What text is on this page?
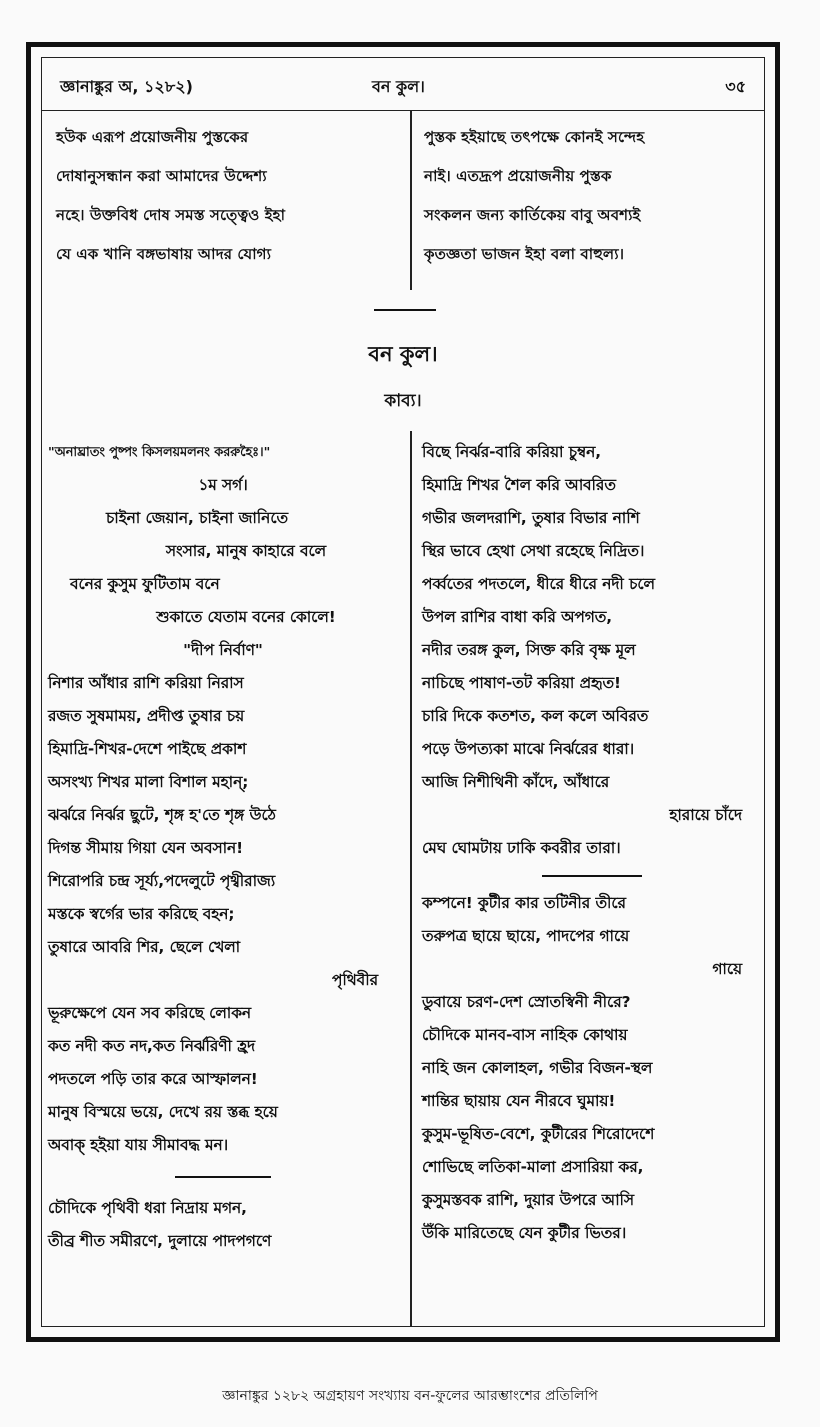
জ্ঞানাঙ্কুর অ, ১২৮২)	বন কুল।	৩৫
হউক এরূপ প্রয়োজনীয় পুস্তকের
দোষানুসন্ধান করা আমাদের উদ্দেশ্য
নহে। উক্তবিধ দোষ সমস্ত সত্ত্বেও ইহা
যে এক খানি বঙ্গভাষায় আদর যোগ্য
পুস্তক হইয়াছে তৎপক্ষে কোনই সন্দেহ
নাই। এতদ্রূপ প্রয়োজনীয় পুস্তক
সংকলন জন্য কার্তিকেয় বাবু অবশ্যই
কৃতজ্ঞতা ভাজন ইহা বলা বাহুল্য।
বন কুল।
কাব্য।
"অনাঘ্রাতং পুষ্পং কিসলয়মলনং কররুহৈঃ।"
১ম সর্গ।
চাইনা জেয়ান, চাইনা জানিতে
সংসার, মানুষ কাহারে বলে
বনের কুসুম ফুটিতাম বনে
শুকাতে যেতাম বনের কোলে!
"দীপ নির্বাণ"
নিশার আঁধার রাশি করিয়া নিরাস
রজত সুষমাময়, প্রদীপ্ত তুষার চয়
হিমাদ্রি-শিখর-দেশে পাইছে প্রকাশ
অসংখ্য শিখর মালা বিশাল মহান্;
ঝর্ঝরে নির্ঝর ছুটে, শৃঙ্গ হ'তে শৃঙ্গ উঠে
দিগন্ত সীমায় গিয়া যেন অবসান!
শিরোপরি চন্দ্র সূর্য্য,পদেলুটে পৃথ্বীরাজ্য
মস্তকে স্বর্গের ভার করিছে বহন;
তুষারে আবরি শির, ছেলে খেলা
পৃথিবীর
ভূরুক্ষেপে যেন সব করিছে লোকন
কত নদী কত নদ,কত নির্ঝরিণী হ্রদ
পদতলে পড়ি তার করে আস্ফালন!
মানুষ বিস্ময়ে ভয়ে, দেখে রয় স্তব্ধ হয়ে
অবাক্ হইয়া যায় সীমাবদ্ধ মন।
চৌদিকে পৃথিবী ধরা নিদ্রায় মগন,
তীব্র শীত সমীরণে, দুলায়ে পাদপগণে
বিছে নির্ঝর-বারি করিয়া চুম্বন,
হিমাদ্রি শিখর শৈল করি আবরিত
গভীর জলদরাশি, তুষার বিভার নাশি
স্থির ভাবে হেথা সেথা রহেছে নিদ্রিত।
পর্ব্বতের পদতলে, ধীরে ধীরে নদী চলে
উপল রাশির বাধা করি অপগত,
নদীর তরঙ্গ কুল, সিক্ত করি বৃক্ষ মূল
নাচিছে পাষাণ-তট করিয়া প্রহৃত!
চারি দিকে কতশত, কল কলে অবিরত
পড়ে উপত্যকা মাঝে নির্ঝরের ধারা।
আজি নিশীথিনী কাঁদে, আঁধারে
হারায়ে চাঁদে
মেঘ ঘোমটায় ঢাকি কবরীর তারা।
কম্পনে! কুটীর কার তটিনীর তীরে
তরুপত্র ছায়ে ছায়ে, পাদপের গায়ে
গায়ে
ডুবায়ে চরণ-দেশ স্রোতস্বিনী নীরে?
চৌদিকে মানব-বাস নাহিক কোথায়
নাহি জন কোলাহল, গভীর বিজন-স্থল
শান্তির ছায়ায় যেন নীরবে ঘুমায়!
কুসুম-ভূষিত-বেশে, কুটীরের শিরোদেশে
শোভিছে লতিকা-মালা প্রসারিয়া কর,
কুসুমস্তবক রাশি, দুয়ার উপরে আসি
উঁকি মারিতেছে যেন কুটীর ভিতর।
জ্ঞানাঙ্কুর ১২৮২ অগ্রহায়ণ সংখ্যায় বন-ফুলের আরম্ভাংশের প্রতিলিপি
